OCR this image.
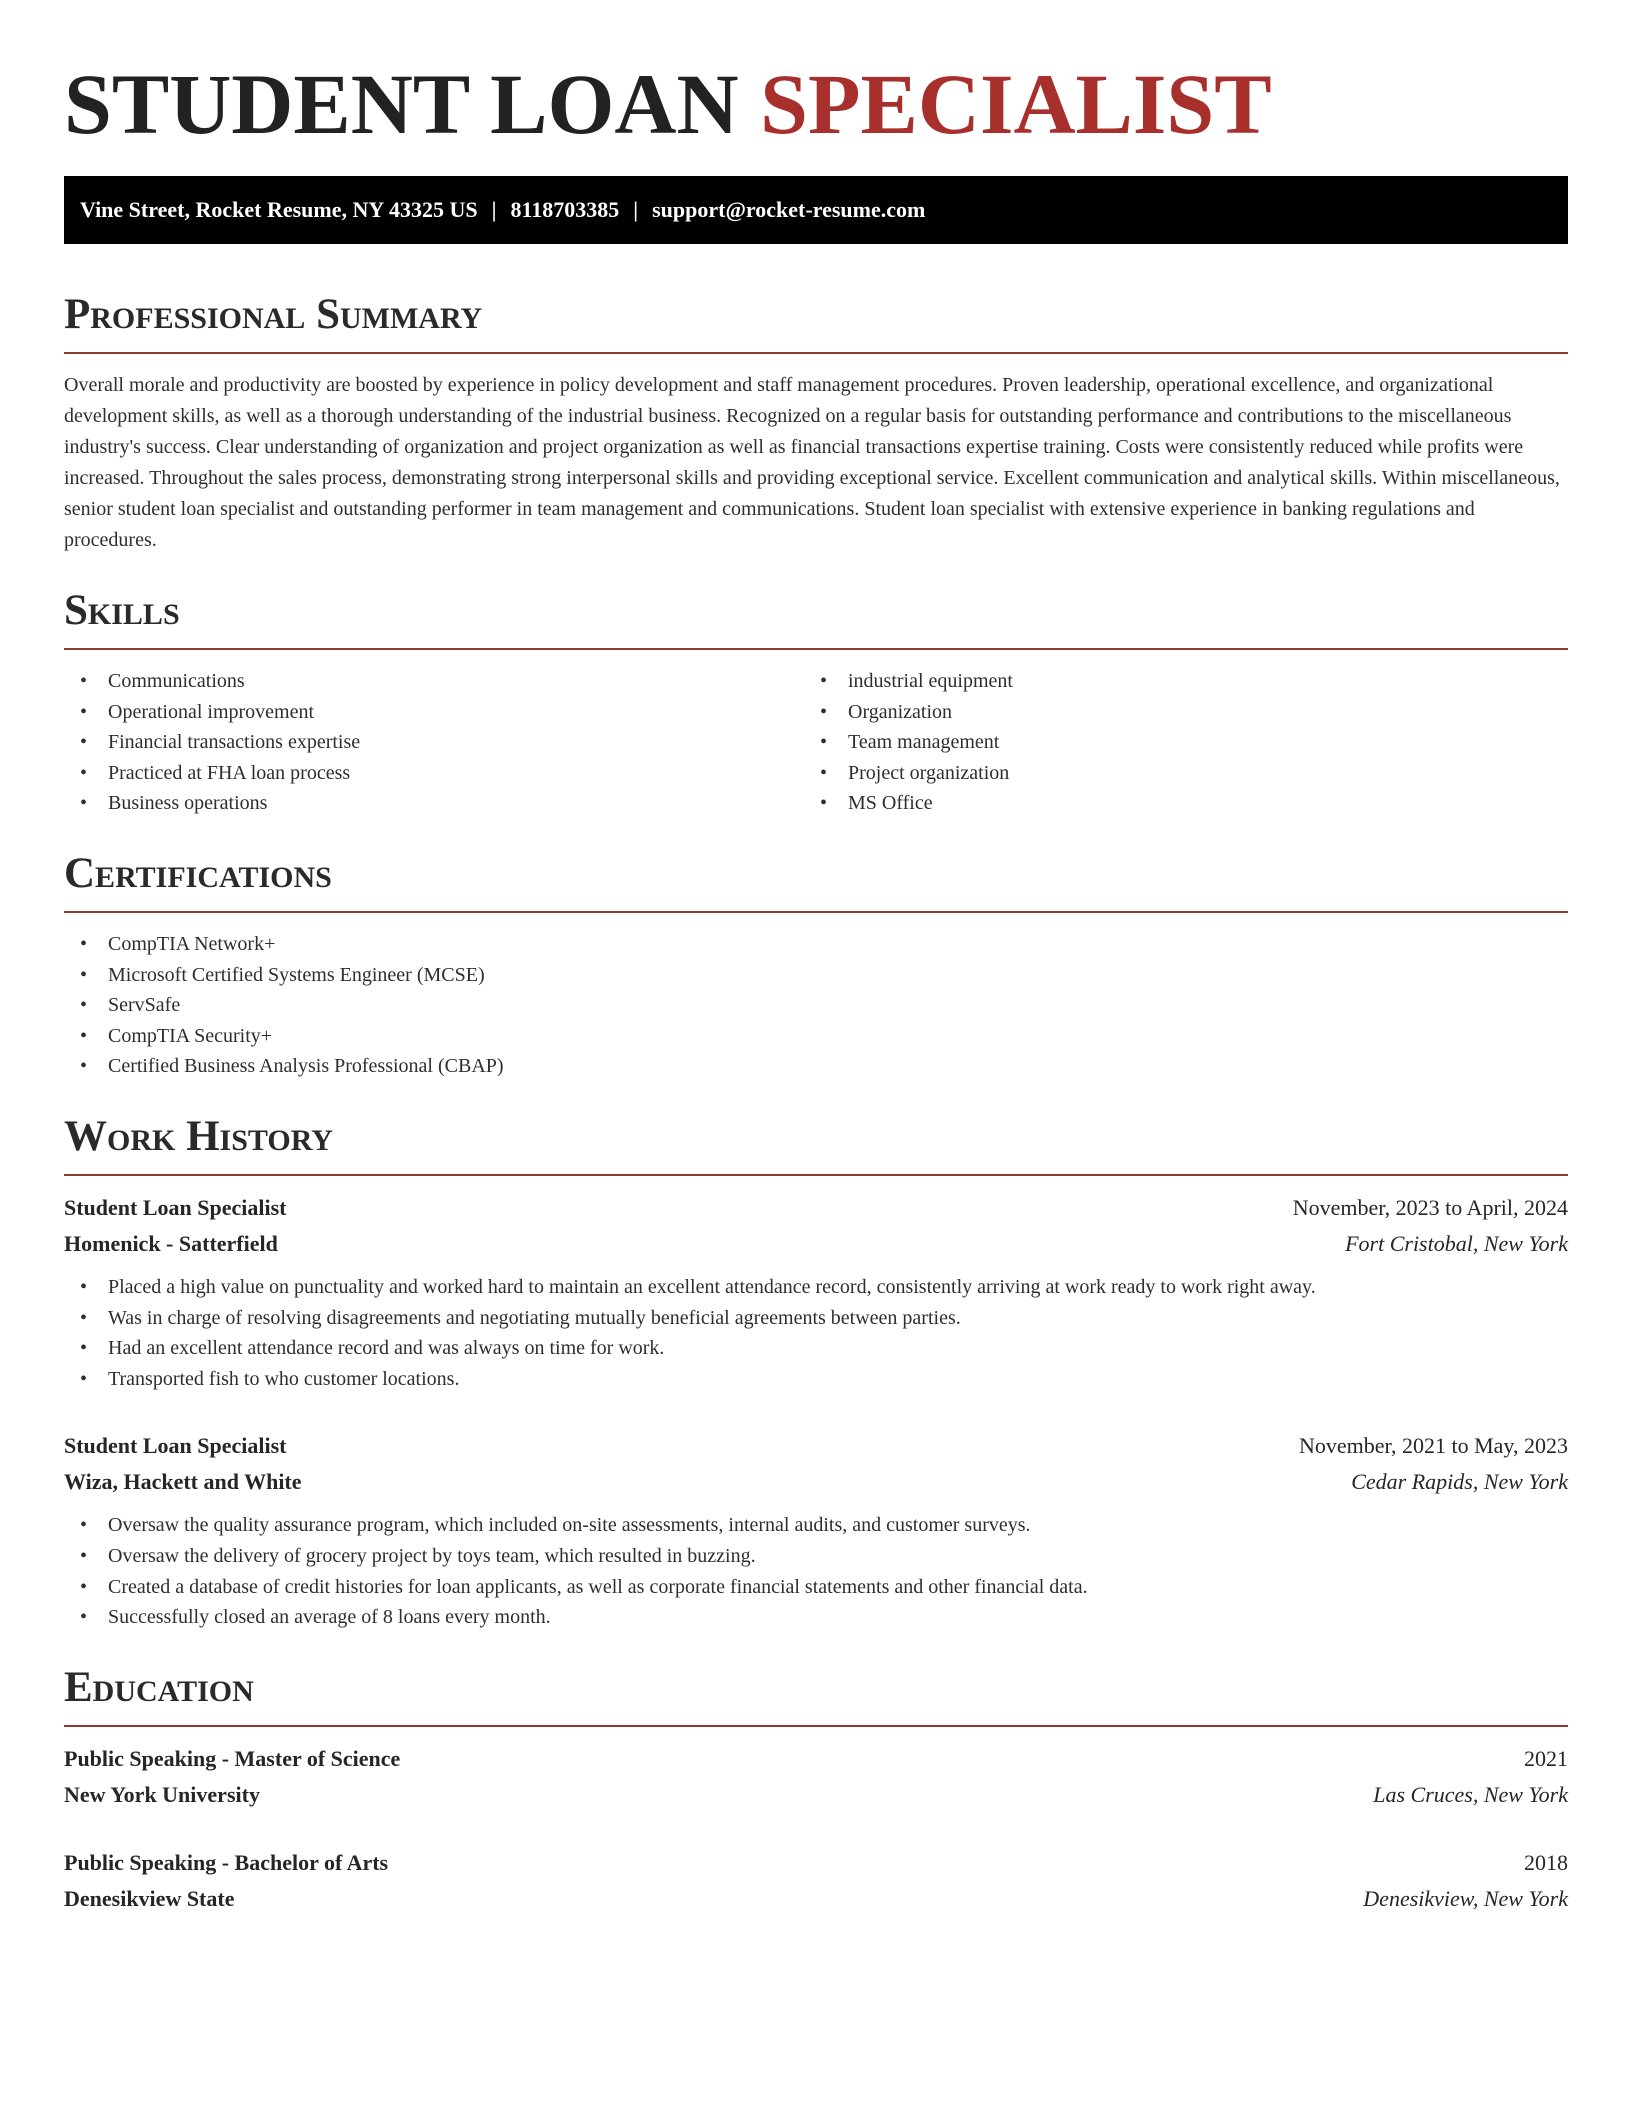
STUDENT LOAN SPECIALIST
Vine Street, Rocket Resume, NY 43325 US | 8118703385 | support@rocket-resume.com
Professional Summary

Overall morale and productivity are boosted by experience in policy development and staff management procedures. Proven leadership, operational excellence, and organizational development skills, as well as a thorough understanding of the industrial business. Recognized on a regular basis for outstanding performance and contributions to the miscellaneous industry's success. Clear understanding of organization and project organization as well as financial transactions expertise training. Costs were consistently reduced while profits were increased. Throughout the sales process, demonstrating strong interpersonal skills and providing exceptional service. Excellent communication and analytical skills. Within miscellaneous, senior student loan specialist and outstanding performer in team management and communications. Student loan specialist with extensive experience in banking regulations and procedures.

Skills
• Communications
• Operational improvement
• Financial transactions expertise
• Practiced at FHA loan process
• Business operations
• industrial equipment
• Organization
• Team management
• Project organization
• MS Office
Certifications
• CompTIA Network+
• Microsoft Certified Systems Engineer (MCSE)
• ServSafe
• CompTIA Security+
• Certified Business Analysis Professional (CBAP)
Work History
Student Loan Specialist	November, 2023 to April, 2024
Homenick - Satterfield	Fort Cristobal, New York
• Placed a high value on punctuality and worked hard to maintain an excellent attendance record, consistently arriving at work ready to work right away.
• Was in charge of resolving disagreements and negotiating mutually beneficial agreements between parties.
• Had an excellent attendance record and was always on time for work.
• Transported fish to who customer locations.
Student Loan Specialist	November, 2021 to May, 2023
Wiza, Hackett and White	Cedar Rapids, New York
• Oversaw the quality assurance program, which included on-site assessments, internal audits, and customer surveys.
• Oversaw the delivery of grocery project by toys team, which resulted in buzzing.
• Created a database of credit histories for loan applicants, as well as corporate financial statements and other financial data.
• Successfully closed an average of 8 loans every month.
Education
Public Speaking - Master of Science	2021
New York University	Las Cruces, New York
Public Speaking - Bachelor of Arts	2018
Denesikview State	Denesikview, New York
